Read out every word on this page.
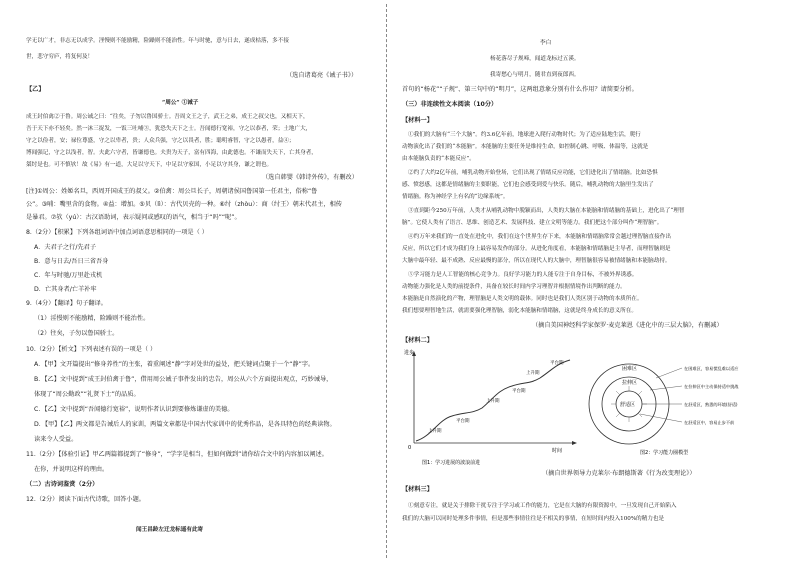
学无以广才，非志无以成学。淫慢则不能励精，险躁则不能治性。年与时驰，意与日去，遂成枯落，多不接
世，悲守穷庐，将复何及！
（选自诸葛亮《诫子书》）
【乙】
“周公” ①诫子
成王封伯禽②于鲁。周公诫之曰：“往矣，子勿以鲁国骄士。吾周文王之子，武王之弟，成王之叔父也，又相天下，
吾于天下亦不轻矣。然一沐三捉发，一饭三吐哺③，犹恐失天下之士。吾闻德行宽裕，守之以恭者，荣；土地广大，
守之以俭者，安；禄位尊盛，守之以卑者，贵；人众兵强，守之以畏者，胜；聪明睿智，守之以愚者，益④；
博闻强记，守之以浅者，智。夫此六守者，皆谦德也。夫贵为天子，富有四海，由此德也。不谦而失天下，亡其身者，
桀纣是也。可不慎欤！故《易》有一道，大足以守天下，中足以守家国，小足以守其身，谦之谓也。
（选自韩婴《韩诗外传》，有删改）
[注]①周公：姓姬名旦，西周开国成王的叔父。②伯禽：周公旦长子，周朝诸侯国鲁国第一任君主，俗称“鲁
公”。③哺：嘴里含的食物。④益：增加。⑤贝（lì）：古代贝壳的一种。⑥纣（zhòu）：商（纣王）朝末代君主，相传
是暴君。⑦欤（yú）：古汉语助词，表示疑问或感叹的语气，相当于“吗”“呢”。
8.（2分）【积累】下列各组词语中加点词语意思相同的一项是（ ）
A．夫君子之行/先君子
B．意与日去/吾日三省吾身
C．年与时驰/万里赴戎机
D．亡其身者/亡羊补牢
9.（4分）【翻译】句子翻译。
（1）淫慢则不能励精，险躁则不能治性。
（2）往矣，子勿以鲁国骄士。
10.（2分）【析文】下列表述有误的一项是（ ）
A．【甲】文开篇提出“修身养性”的主张，着重阐述“静”字对处世的益处，把关键词点聚于一个“静”字。
B．【乙】文中提到“成王封伯禽于鲁”，借用周公诫子事件发出的忠告，周公从六个方面提出观点，巧妙诫导，
体现了“周公勤政”“礼贤下士”的品质。
C．【乙】文中提到“吾闻德行宽裕”，说明作者认识到要修炼谦虚的美德。
D．【甲】【乙】两文都是告诫后人的家训，两篇文章都是中国古代家训中的优秀作品，是各具特色的经典读物。
读来令人受益。
11.（2分）【体验引证】甲乙两篇都提到了“修身”，“学字是相当，但如何做到”请你结合文中的内容加以阐述。
在你，并说明这样的理由。
（二）古诗词鉴赏（2分）
12.（2分）阅读下面古代诗歌，回答小题。
闻王昌龄左迁龙标遥有此寄
李白
杨花落尽子规啼，闻道龙标过五溪。
我寄愁心与明月，随君直到夜郎西。
首句的“杨花”“子规”、第三句中的“明月”，这两组意象分别有什么作用？请简要分析。
（三）非连续性文本阅读（10分）
【材料一】
①我们的大脑有“三个大脑”。约3.6亿年前，地球进入爬行动物时代；为了适应陆地生活，爬行
动物演化出了我们的“本能脑”。本能脑的主要任务是维持生命，如控制心跳、呼吸、体温等，这就是
由本能脑负责的“本能反应”。
②约了大约2亿年前，哺乳动物开始登场，它们出现了情绪反应功能，它们进化出了情绪脑。比如恐惧
感、愤怒感，这都是情绪脑的主要职能，它们也会感受到爱与快乐。随后，哺乳动物的大脑里生发出了
情绪脑。称为神经学上有名的“边缘系统”。
③直到距今250万年前，人类才从哺乳动物中脱颖而出，人类的大脑在本能脑和情绪脑的基础上，进化出了“理智
脑”。它使人类有了语言、思维、创造艺术、发展科技、建立文明等能力。我们把这个部分叫作“理智脑”。
④约万年来我们的一直处在进化中，我们在这个世界生存下来，本能脑和情绪脑常常会越过理智脑直接作出
反应，所以它们才成为我们身上最容易发作的部分。从进化角度看，本能脑和情绪脑是主导者，而理智脑则是
大脑中最年轻、最不成熟、反应最慢的部分，所以在现代人的大脑中，理智脑很容易被情绪脑和本能脑劫持。
⑤学习能力是人工智能的核心竞争力。良好学习能力的人能专注于自身目标，不被外界诱惑。
动物能力强化是人类的前提条件，具备在较长时间内学习理智并根据情境作出判断的能力。
本能脑是自然演化的产物，理智脑是人类文明的载体。同时也是我们人类区别于动物的本质所在。
我们想要理智地生活，就需要强化理智脑，弱化本能脑和情绪脑，这就是终身成长的意义所在。
（摘自美国神经科学家保罗·麦克莱恩《进化中的三层大脑》，有删减）
【材料二】
进步
时间
0
上升期
平台期
上升期
平台期
上升期
平台期
图1：学习进展的波浪前进
困难区
拉伸区
舒适区
在困难区，容易慌乱难以适应
在拉伸区中主动保持适中挑战
在舒适区，熟悉的环境(舒适)
在舒适区中，容易止步不前
图2：学习能力圈模型
（摘自世界领导力克莱尔·布朗德斯著《行为改变理论》）
【材料三】
①刻意专注，就是关于排除干扰专注于学习或工作的能力，它是在大脑的有限资源中，一旦发现自己开始陷入
我们的大脑可以同时处理多件事情，但是那些事情往往是不相关的事情，在短时间内投入100%的精力也是
